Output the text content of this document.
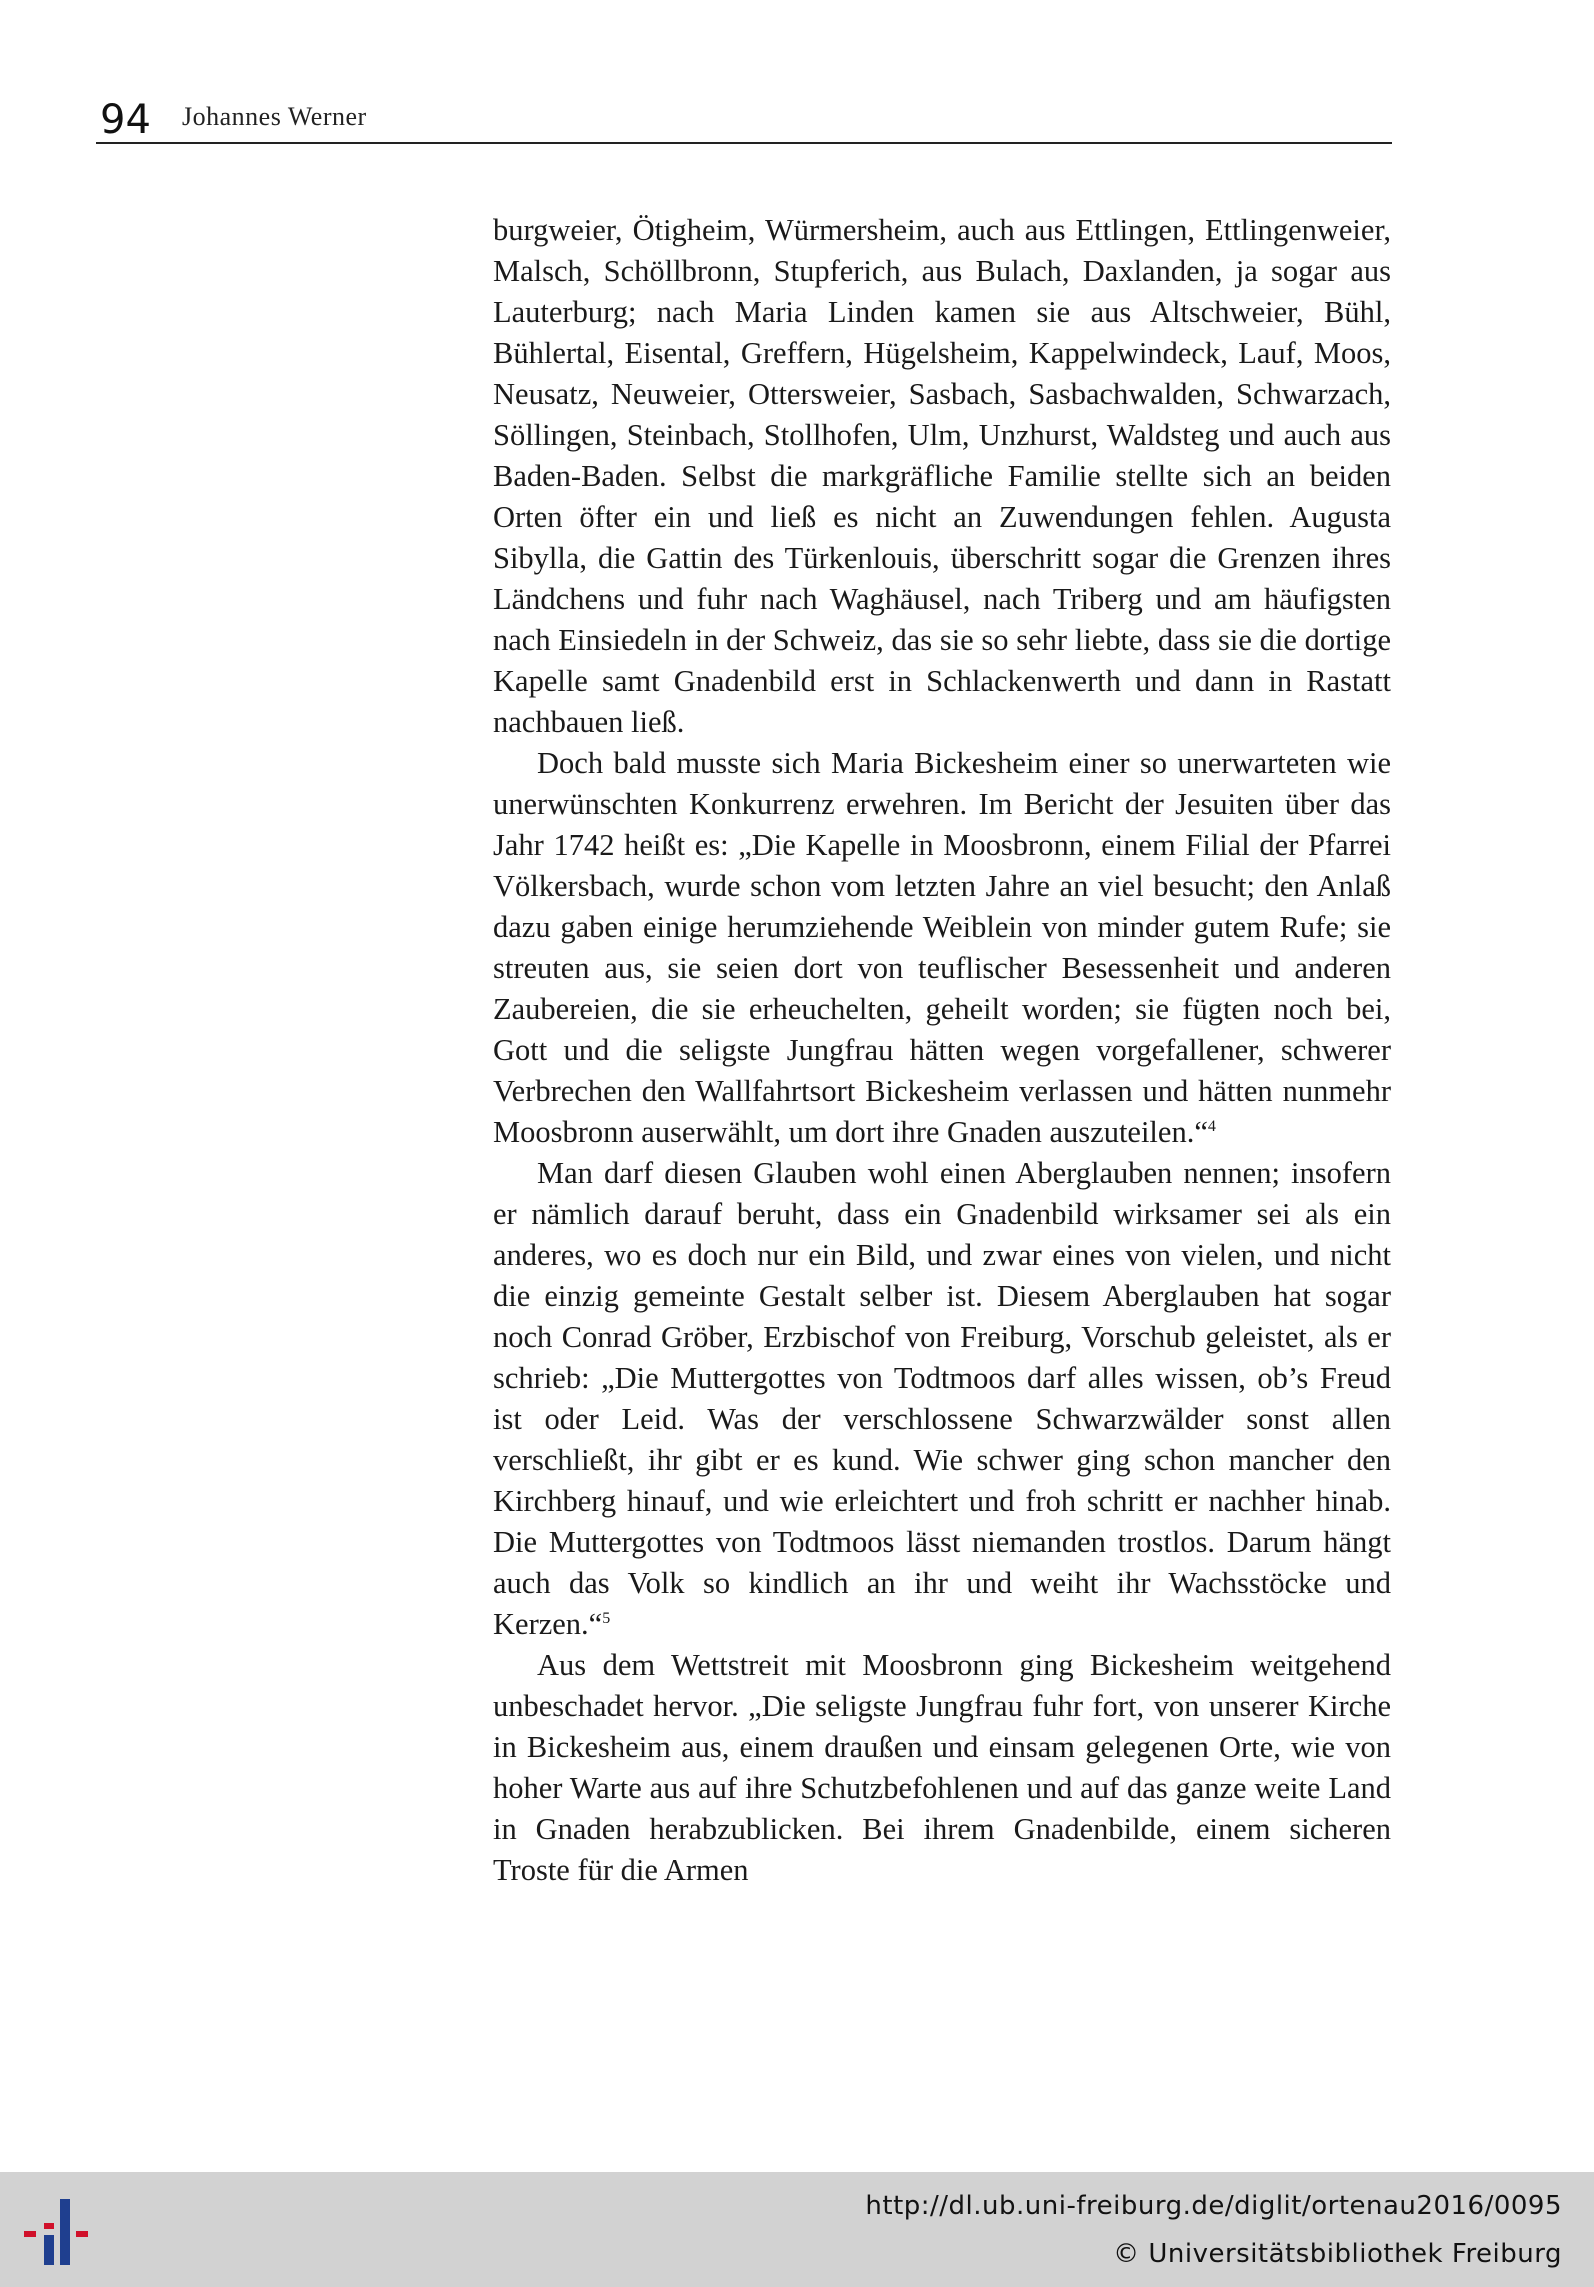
94 Johannes Werner

burgweier, Ötigheim, Würmersheim, auch aus Ettlingen, Ettlingenweier, Malsch, Schöllbronn, Stupferich, aus Bulach, Daxlanden, ja sogar aus Lauterburg; nach Maria Linden kamen sie aus Altschweier, Bühl, Bühlertal, Eisental, Greffern, Hügelsheim, Kappelwindeck, Lauf, Moos, Neusatz, Neuweier, Ottersweier, Sasbach, Sasbachwalden, Schwarzach, Söllingen, Steinbach, Stollhofen, Ulm, Unzhurst, Waldsteg und auch aus Baden-Baden. Selbst die markgräfliche Familie stellte sich an beiden Orten öfter ein und ließ es nicht an Zuwendungen fehlen. Augusta Sibylla, die Gattin des Türkenlouis, überschritt sogar die Grenzen ihres Ländchens und fuhr nach Waghäusel, nach Triberg und am häufigsten nach Einsiedeln in der Schweiz, das sie so sehr liebte, dass sie die dortige Kapelle samt Gnadenbild erst in Schlackenwerth und dann in Rastatt nachbauen ließ.

Doch bald musste sich Maria Bickesheim einer so unerwarteten wie unerwünschten Konkurrenz erwehren. Im Bericht der Jesuiten über das Jahr 1742 heißt es: „Die Kapelle in Moosbronn, einem Filial der Pfarrei Völkersbach, wurde schon vom letzten Jahre an viel besucht; den Anlaß dazu gaben einige herumziehende Weiblein von minder gutem Rufe; sie streuten aus, sie seien dort von teuflischer Besessenheit und anderen Zaubereien, die sie erheuchelten, geheilt worden; sie fügten noch bei, Gott und die seligste Jungfrau hätten wegen vorgefallener, schwerer Verbrechen den Wallfahrtsort Bickesheim verlassen und hätten nunmehr Moosbronn auserwählt, um dort ihre Gnaden auszuteilen.“$^4$

Man darf diesen Glauben wohl einen Aberglauben nennen; insofern er nämlich darauf beruht, dass ein Gnadenbild wirksamer sei als ein anderes, wo es doch nur ein Bild, und zwar eines von vielen, und nicht die einzig gemeinte Gestalt selber ist. Diesem Aberglauben hat sogar noch Conrad Gröber, Erzbischof von Freiburg, Vorschub geleistet, als er schrieb: „Die Muttergottes von Todtmoos darf alles wissen, ob’s Freud ist oder Leid. Was der verschlossene Schwarzwälder sonst allen verschließt, ihr gibt er es kund. Wie schwer ging schon mancher den Kirchberg hinauf, und wie erleichtert und froh schritt er nachher hinab. Die Muttergottes von Todtmoos lässt niemanden trostlos. Darum hängt auch das Volk so kindlich an ihr und weiht ihr Wachsstöcke und Kerzen.“$^5$

Aus dem Wettstreit mit Moosbronn ging Bickesheim weitgehend unbeschadet hervor. „Die seligste Jungfrau fuhr fort, von unserer Kirche in Bickesheim aus, einem draußen und einsam gelegenen Orte, wie von hoher Warte aus auf ihre Schutzbefohlenen und auf das ganze weite Land in Gnaden herabzublicken. Bei ihrem Gnadenbilde, einem sicheren Troste für die Armen

http://dl.ub.uni-freiburg.de/diglit/ortenau2016/0095
© Universitätsbibliothek Freiburg
